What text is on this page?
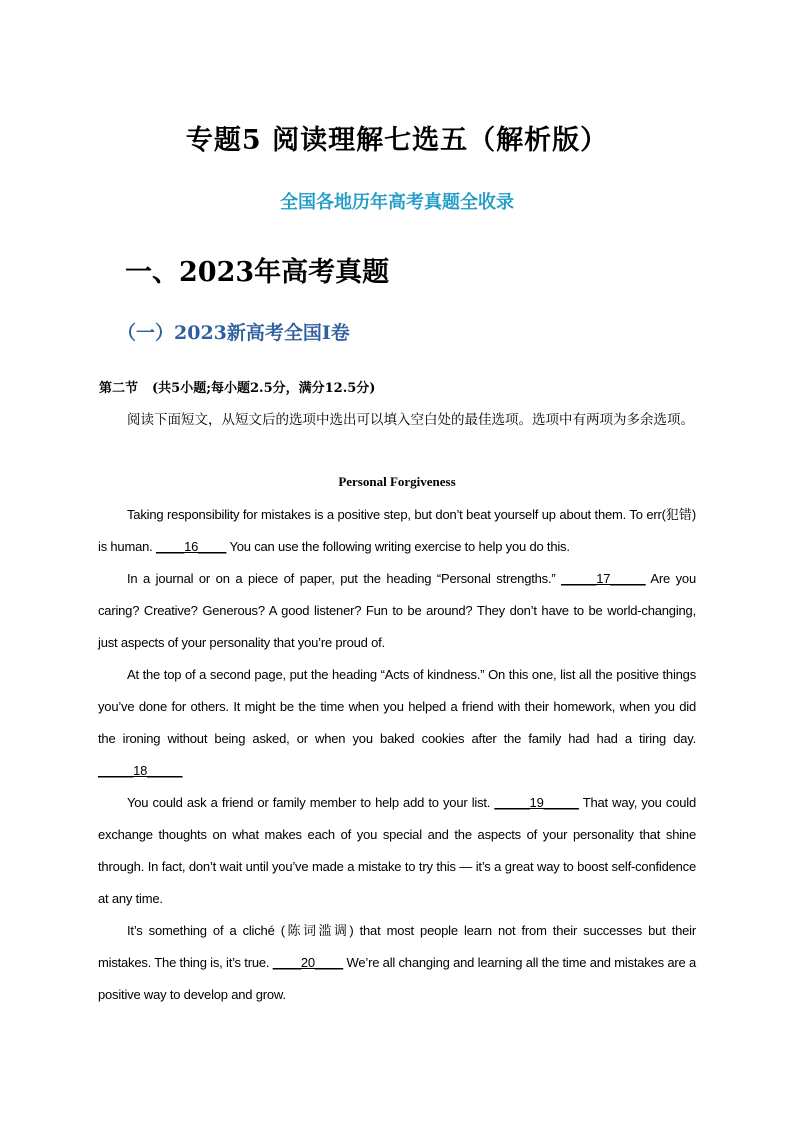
专题5 阅读理解七选五（解析版）
全国各地历年高考真题全收录
一、2023年高考真题
（一）2023新高考全国Ⅰ卷
第二节 (共5小题;每小题2.5分，满分12.5分)
阅读下面短文，从短文后的选项中选出可以填入空白处的最佳选项。选项中有两项为多余选项。
Personal Forgiveness

Taking responsibility for mistakes is a positive step, but don’t beat yourself up about them. To err(犯错) is human. ____16____ You can use the following writing exercise to help you do this.

In a journal or on a piece of paper, put the heading “Personal strengths.” _____17_____ Are you caring? Creative? Generous? A good listener? Fun to be around? They don’t have to be world-changing, just aspects of your personality that you’re proud of.

At the top of a second page, put the heading “Acts of kindness.” On this one, list all the positive things you’ve done for others. It might be the time when you helped a friend with their homework, when you did the ironing without being asked, or when you baked cookies after the family had had a tiring day. _____18_____

You could ask a friend or family member to help add to your list. _____19_____ That way, you could exchange thoughts on what makes each of you special and the aspects of your personality that shine through. In fact, don’t wait until you’ve made a mistake to try this — it’s a great way to boost self-confidence at any time.

It’s something of a cliché (陈词滥调) that most people learn not from their successes but their mistakes. The thing is, it’s true. ____20____ We’re all changing and learning all the time and mistakes are a positive way to develop and grow.
